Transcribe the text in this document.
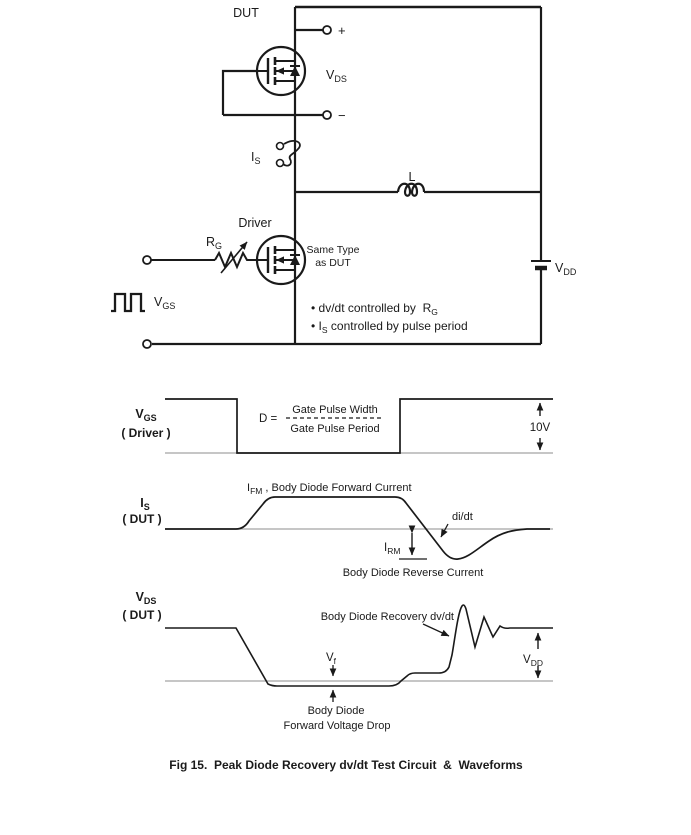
$V_{DD}$
DUT
+
−
$V_{DS}$
$I_S$
L
Driver
$R_G$	Same Type
as DUT
$V_{GS}$	• dv/dt controlled by  $R_G$
• $I_S$ controlled by pulse period
$V_{GS}$
( Driver )
D =
Gate Pulse Width
Gate Pulse Period	10V
$I_S$
( DUT )
$I_{FM}$ , Body Diode Forward Current
di/dt
$I_{RM}$
Body Diode Reverse Current
$V_{DS}$
( DUT )	Body Diode Recovery dv/dt
$V_f$	$V_{DD}$
Body Diode
Forward Voltage Drop
Fig 15.  Peak Diode Recovery dv/dt Test Circuit  &  Waveforms
